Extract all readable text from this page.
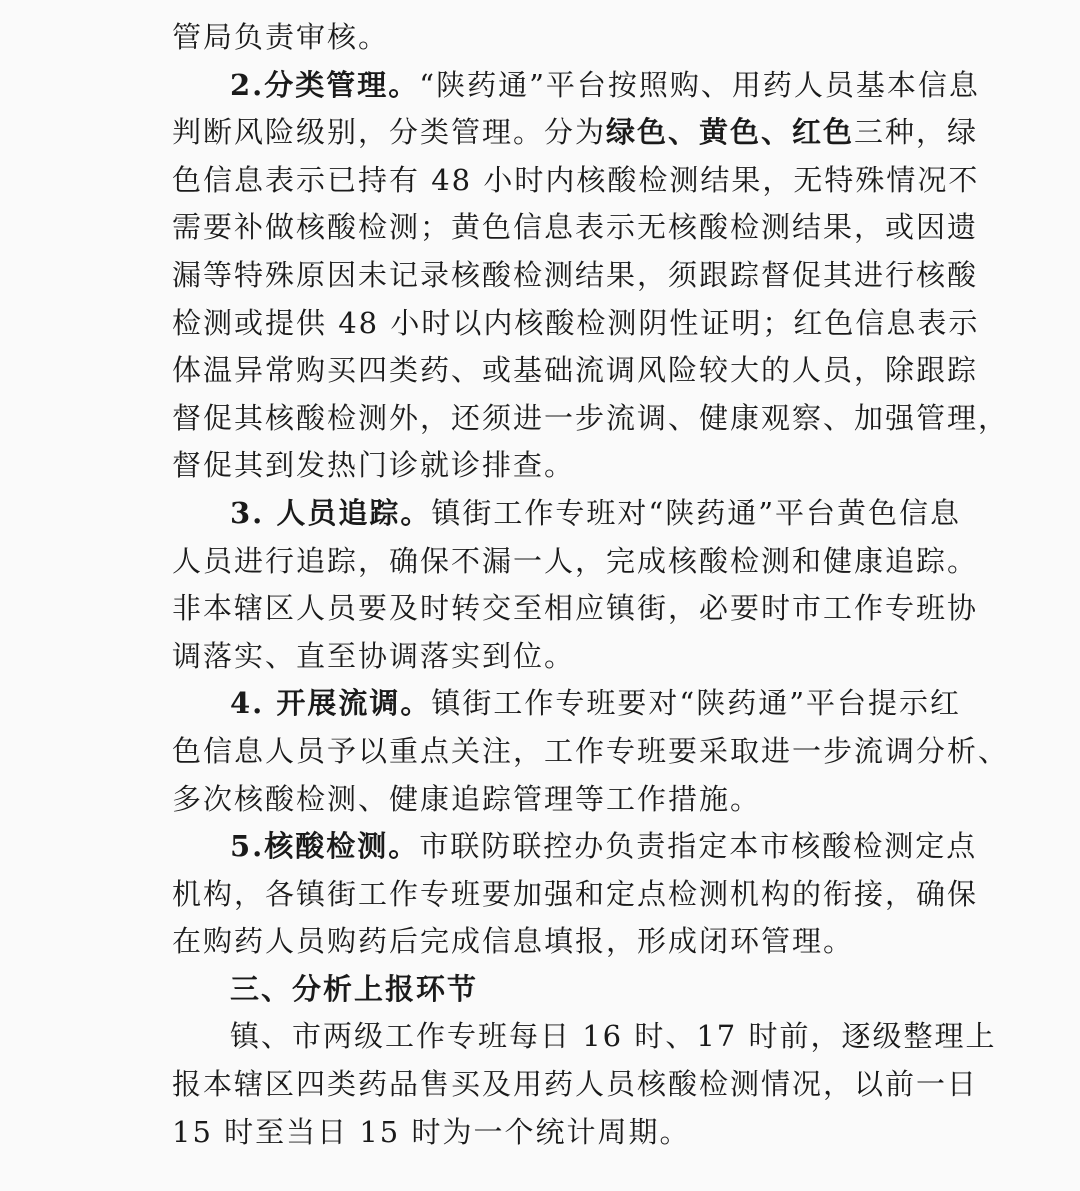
管局负责审核。
2.分类管理。“陕药通”平台按照购、用药人员基本信息
判断风险级别，分类管理。分为绿色、黄色、红色三种，绿
色信息表示已持有 48 小时内核酸检测结果，无特殊情况不
需要补做核酸检测；黄色信息表示无核酸检测结果，或因遗
漏等特殊原因未记录核酸检测结果，须跟踪督促其进行核酸
检测或提供 48 小时以内核酸检测阴性证明；红色信息表示
体温异常购买四类药、或基础流调风险较大的人员，除跟踪
督促其核酸检测外，还须进一步流调、健康观察、加强管理，
督促其到发热门诊就诊排查。
3. 人员追踪。镇街工作专班对“陕药通”平台黄色信息
人员进行追踪，确保不漏一人，完成核酸检测和健康追踪。
非本辖区人员要及时转交至相应镇街，必要时市工作专班协
调落实、直至协调落实到位。
4. 开展流调。镇街工作专班要对“陕药通”平台提示红
色信息人员予以重点关注，工作专班要采取进一步流调分析、
多次核酸检测、健康追踪管理等工作措施。
5.核酸检测。市联防联控办负责指定本市核酸检测定点
机构，各镇街工作专班要加强和定点检测机构的衔接，确保
在购药人员购药后完成信息填报，形成闭环管理。
三、分析上报环节
镇、市两级工作专班每日 16 时、17 时前，逐级整理上
报本辖区四类药品售买及用药人员核酸检测情况，以前一日
15 时至当日 15 时为一个统计周期。
